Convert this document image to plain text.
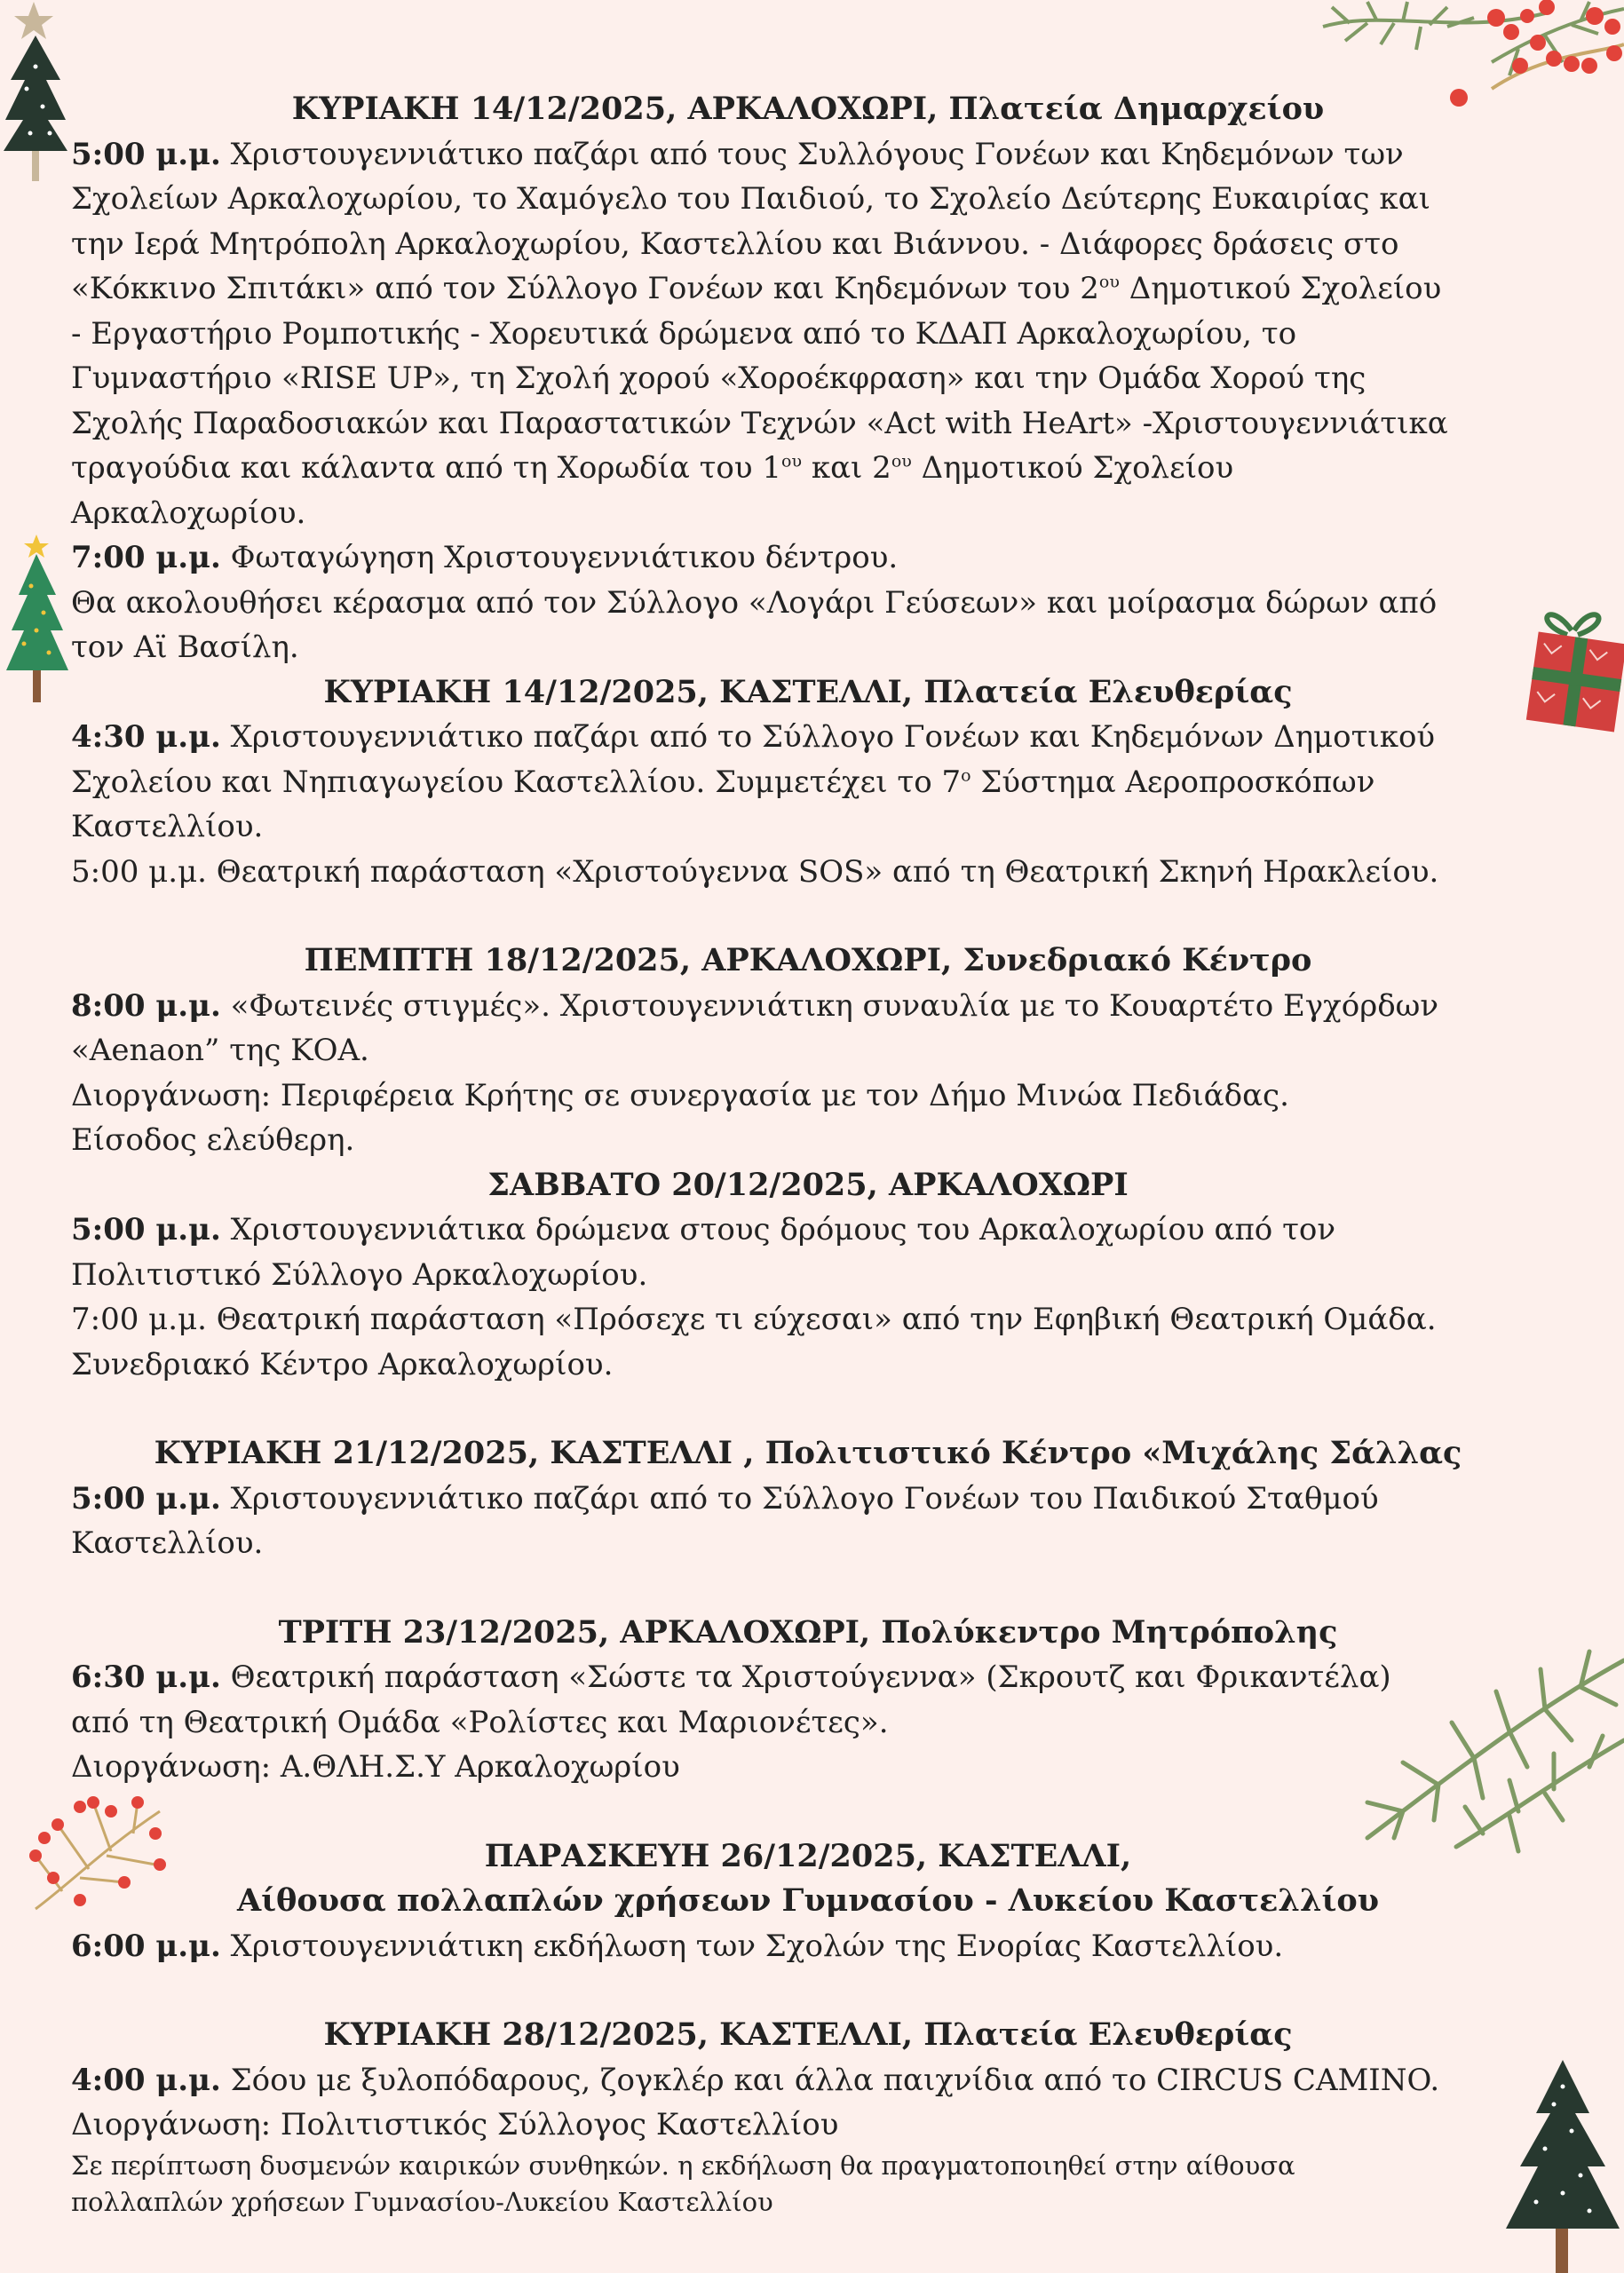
ΚΥΡΙΑΚΗ 14/12/2025, ΑΡΚΑΛΟΧΩΡΙ, Πλατεία Δημαρχείου
5:00 μ.μ. Χριστουγεννιάτικο παζάρι από τους Συλλόγους Γονέων και Κηδεμόνων των
Σχολείων Αρκαλοχωρίου, το Χαμόγελο του Παιδιού, το Σχολείο Δεύτερης Ευκαιρίας και
την Ιερά Μητρόπολη Αρκαλοχωρίου, Καστελλίου και Βιάννου. - Διάφορες δράσεις στο
«Κόκκινο Σπιτάκι» από τον Σύλλογο Γονέων και Κηδεμόνων του $2^{o\upsilon}$ Δημοτικού Σχολείου
- Εργαστήριο Ρομποτικής - Χορευτικά δρώμενα από το ΚΔΑΠ Αρκαλοχωρίου, το
Γυμναστήριο «RISE UP», τη Σχολή χορού «Χοροέκφραση» και την Ομάδα Χορού της
Σχολής Παραδοσιακών και Παραστατικών Τεχνών «Act with HeArt» -Χριστουγεννιάτικα
τραγούδια και κάλαντα από τη Χορωδία του $1^{o\upsilon}$ και $2^{o\upsilon}$ Δημοτικού Σχολείου
Αρκαλοχωρίου.
7:00 μ.μ. Φωταγώγηση Χριστουγεννιάτικου δέντρου.
Θα ακολουθήσει κέρασμα από τον Σύλλογο «Λογάρι Γεύσεων» και μοίρασμα δώρων από
τον Αϊ Βασίλη.
ΚΥΡΙΑΚΗ 14/12/2025, ΚΑΣΤΕΛΛΙ, Πλατεία Ελευθερίας
4:30 μ.μ. Χριστουγεννιάτικο παζάρι από το Σύλλογο Γονέων και Κηδεμόνων Δημοτικού
Σχολείου και Νηπιαγωγείου Καστελλίου. Συμμετέχει το $7^o$ Σύστημα Αεροπροσκόπων
Καστελλίου.
5:00 μ.μ. Θεατρική παράσταση «Χριστούγεννα SOS» από τη Θεατρική Σκηνή Ηρακλείου.
ΠΕΜΠΤΗ 18/12/2025, ΑΡΚΑΛΟΧΩΡΙ, Συνεδριακό Κέντρο
8:00 μ.μ. «Φωτεινές στιγμές». Χριστουγεννιάτικη συναυλία με το Κουαρτέτο Εγχόρδων
«Aenaon” της ΚΟΑ.
Διοργάνωση: Περιφέρεια Κρήτης σε συνεργασία με τον Δήμο Μινώα Πεδιάδας.
Είσοδος ελεύθερη.
ΣΑΒΒΑΤΟ 20/12/2025, ΑΡΚΑΛΟΧΩΡΙ
5:00 μ.μ. Χριστουγεννιάτικα δρώμενα στους δρόμους του Αρκαλοχωρίου από τον
Πολιτιστικό Σύλλογο Αρκαλοχωρίου.
7:00 μ.μ. Θεατρική παράσταση «Πρόσεχε τι εύχεσαι» από την Εφηβική Θεατρική Ομάδα.
Συνεδριακό Κέντρο Αρκαλοχωρίου.
ΚΥΡΙΑΚΗ 21/12/2025, ΚΑΣΤΕΛΛΙ , Πολιτιστικό Κέντρο «Μιχάλης Σάλλας
5:00 μ.μ. Χριστουγεννιάτικο παζάρι από το Σύλλογο Γονέων του Παιδικού Σταθμού
Καστελλίου.
ΤΡΙΤΗ 23/12/2025, ΑΡΚΑΛΟΧΩΡΙ, Πολύκεντρο Μητρόπολης
6:30 μ.μ. Θεατρική παράσταση «Σώστε τα Χριστούγεννα» (Σκρουτζ και Φρικαντέλα)
από τη Θεατρική Ομάδα «Ρολίστες και Μαριονέτες».
Διοργάνωση: Α.ΘΛΗ.Σ.Υ Αρκαλοχωρίου
ΠΑΡΑΣΚΕΥΗ 26/12/2025, ΚΑΣΤΕΛΛΙ,
Αίθουσα πολλαπλών χρήσεων Γυμνασίου - Λυκείου Καστελλίου
6:00 μ.μ. Χριστουγεννιάτικη εκδήλωση των Σχολών της Ενορίας Καστελλίου.
ΚΥΡΙΑΚΗ 28/12/2025, ΚΑΣΤΕΛΛΙ, Πλατεία Ελευθερίας
4:00 μ.μ. Σόου με ξυλοπόδαρους, ζογκλέρ και άλλα παιχνίδια από το CIRCUS CAMINO.
Διοργάνωση: Πολιτιστικός Σύλλογος Καστελλίου
Σε περίπτωση δυσμενών καιρικών συνθηκών. η εκδήλωση θα πραγματοποιηθεί στην αίθουσα
πολλαπλών χρήσεων Γυμνασίου-Λυκείου Καστελλίου
